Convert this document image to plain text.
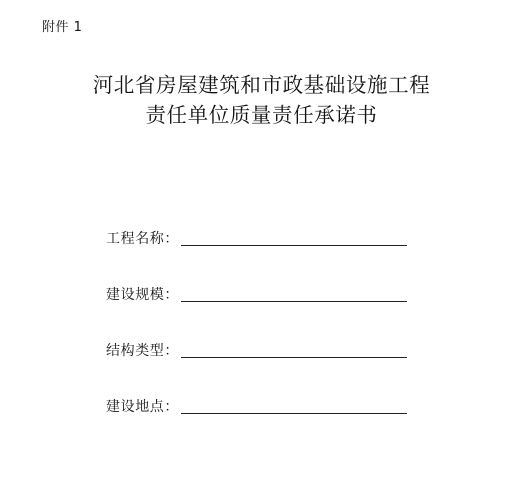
附件 1
河北省房屋建筑和市政基础设施工程
责任单位质量责任承诺书
工程名称：
建设规模：
结构类型：
建设地点：
